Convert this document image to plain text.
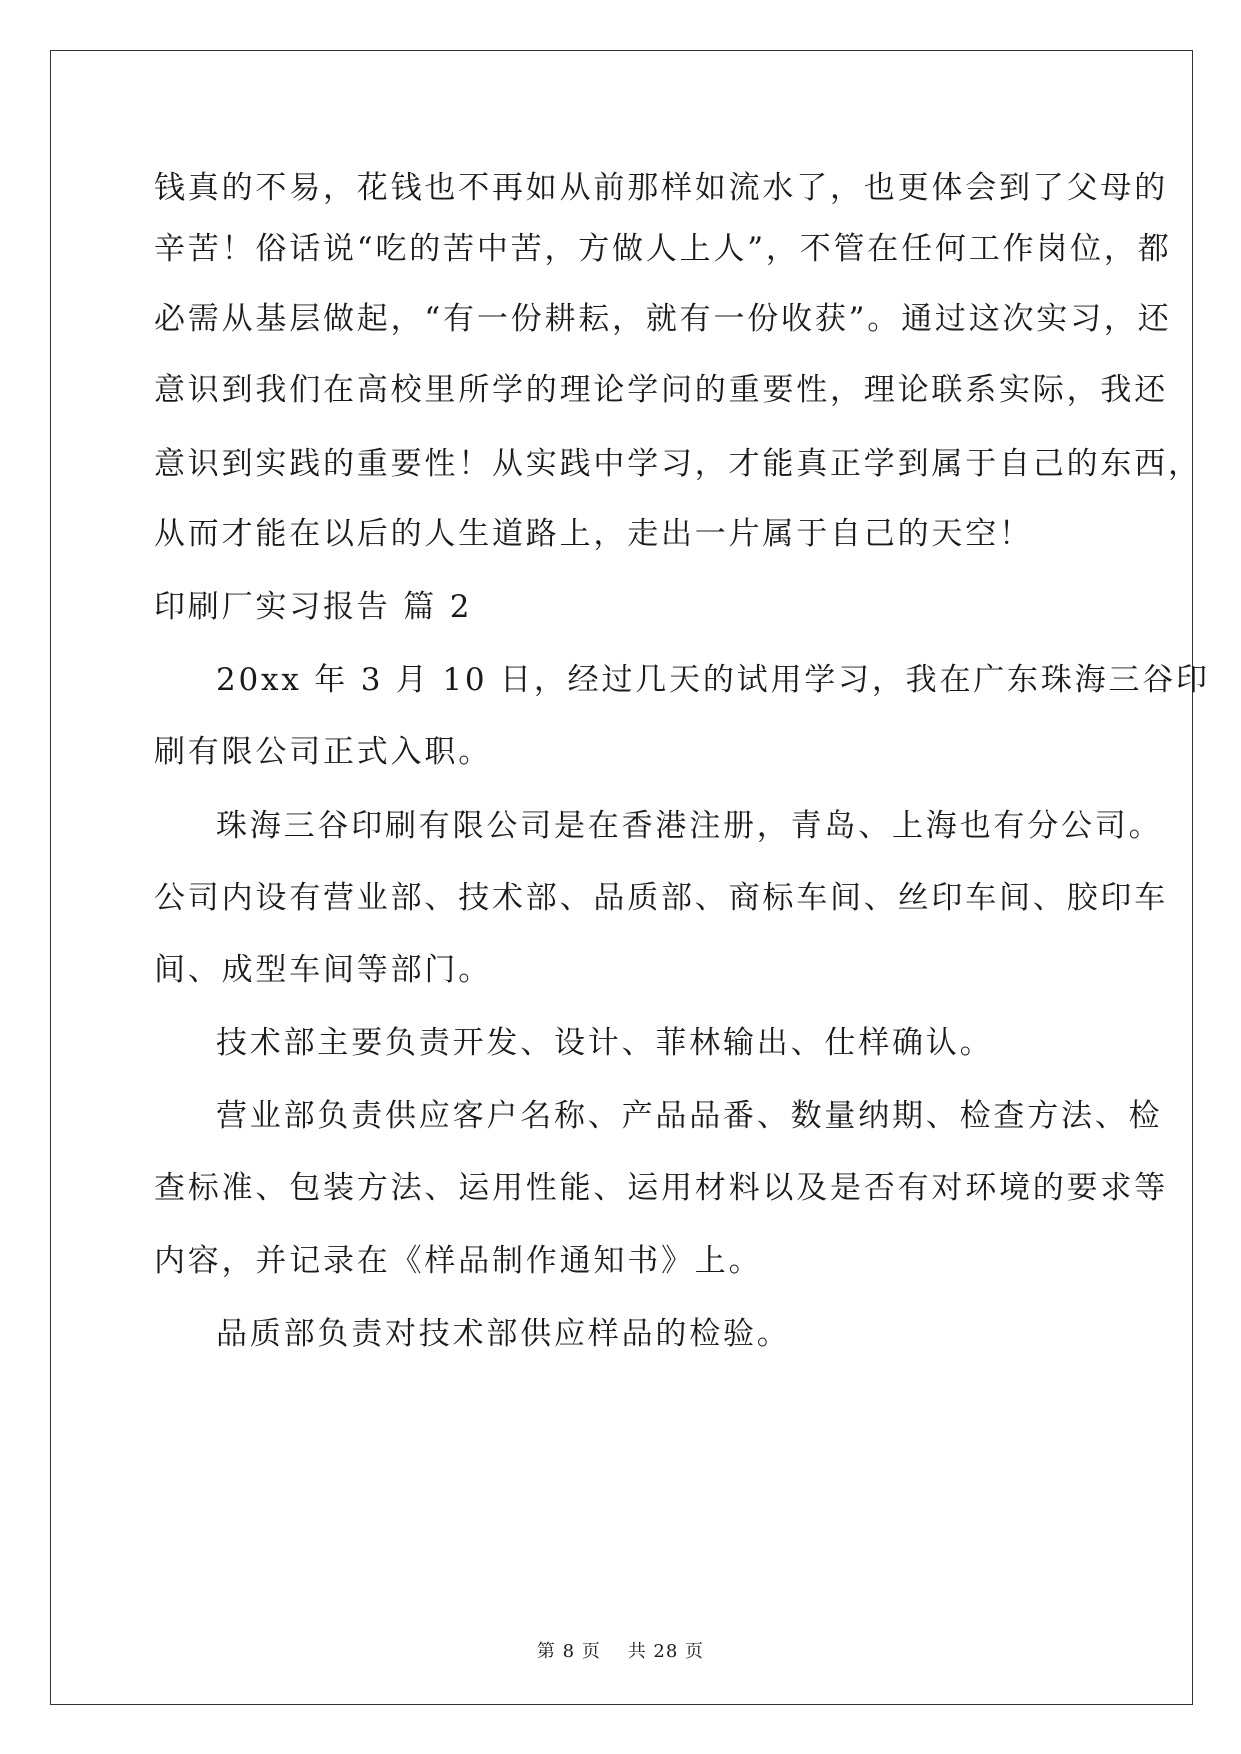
钱真的不易，花钱也不再如从前那样如流水了，也更体会到了父母的
辛苦！俗话说“吃的苦中苦，方做人上人”，不管在任何工作岗位，都
必需从基层做起，“有一份耕耘，就有一份收获”。通过这次实习，还
意识到我们在高校里所学的理论学问的重要性，理论联系实际，我还
意识到实践的重要性！从实践中学习，才能真正学到属于自己的东西，
从而才能在以后的人生道路上，走出一片属于自己的天空！
印刷厂实习报告 篇 2
20xx 年 3 月 10 日，经过几天的试用学习，我在广东珠海三谷印
刷有限公司正式入职。
珠海三谷印刷有限公司是在香港注册，青岛、上海也有分公司。
公司内设有营业部、技术部、品质部、商标车间、丝印车间、胶印车
间、成型车间等部门。
技术部主要负责开发、设计、菲林输出、仕样确认。
营业部负责供应客户名称、产品品番、数量纳期、检查方法、检
查标准、包装方法、运用性能、运用材料以及是否有对环境的要求等
内容，并记录在《样品制作通知书》上。
品质部负责对技术部供应样品的检验。
第 8 页    共 28 页
